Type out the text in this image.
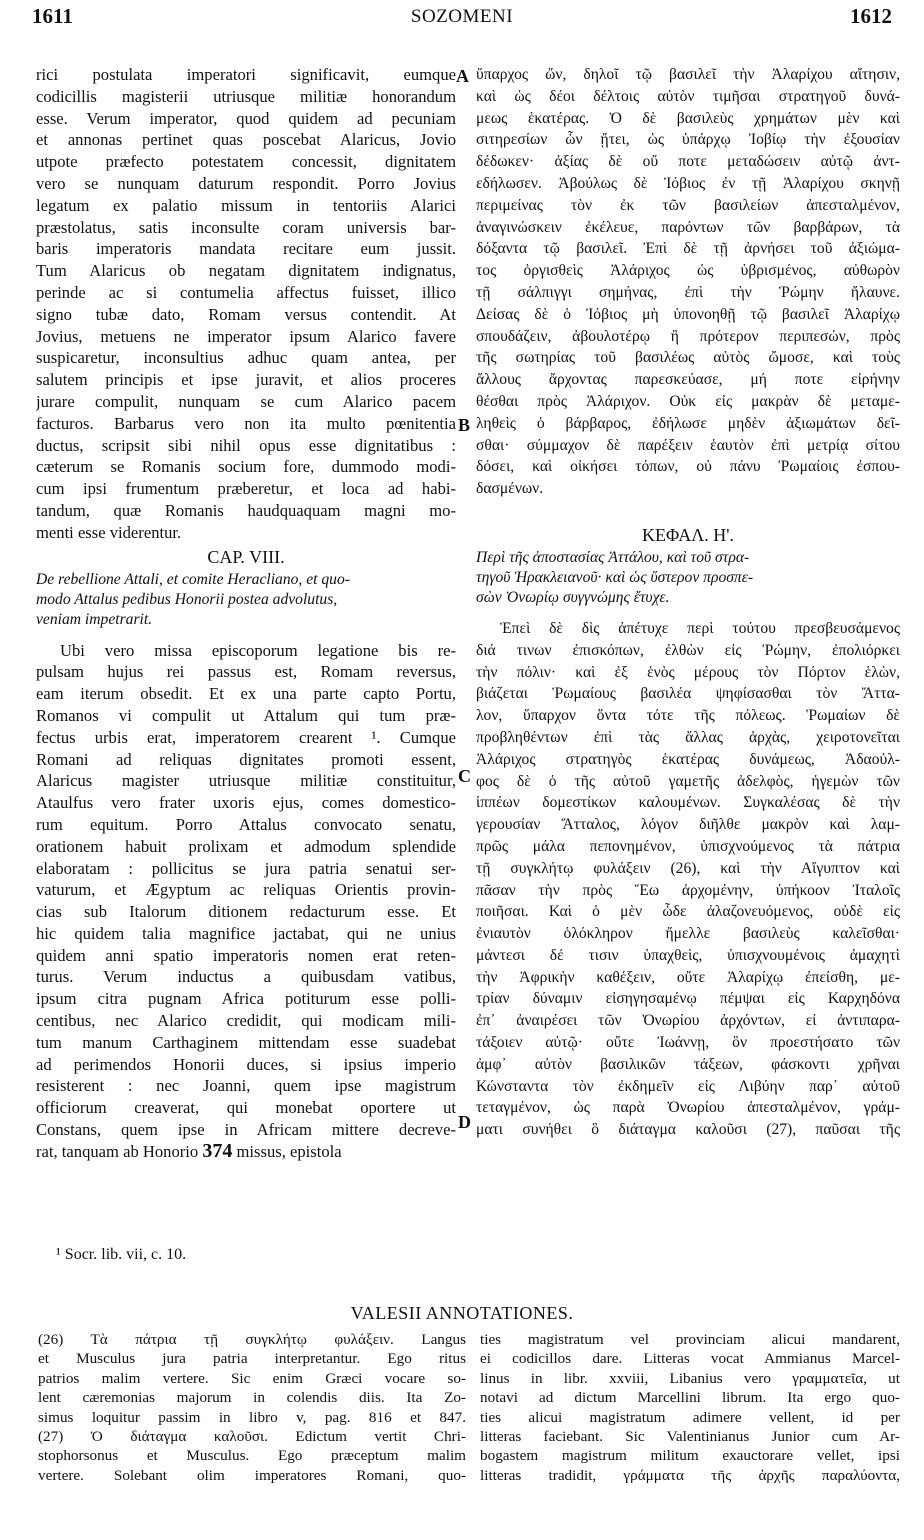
1611	SOZOMENI	1612
rici postulata imperatori significavit, eumque
codicillis magisterii utriusque militiæ honorandum
esse. Verum imperator, quod quidem ad pecuniam
et annonas pertinet quas poscebat Alaricus, Jovio
utpote præfecto potestatem concessit, dignitatem
vero se nunquam daturum respondit. Porro Jovius
legatum ex palatio missum in tentoriis Alarici
præstolatus, satis inconsulte coram universis bar-
baris imperatoris mandata recitare eum jussit.
Tum Alaricus ob negatam dignitatem indignatus,
perinde ac si contumelia affectus fuisset, illico
signo tubæ dato, Romam versus contendit. At
Jovius, metuens ne imperator ipsum Alarico favere
suspicaretur, inconsultius adhuc quam antea, per
salutem principis et ipse juravit, et alios proceres
jurare compulit, nunquam se cum Alarico pacem
facturos. Barbarus vero non ita multo pœnitentia
ductus, scripsit sibi nihil opus esse dignitatibus :
cæterum se Romanis socium fore, dummodo modi-
cum ipsi frumentum præberetur, et loca ad habi-
tandum, quæ Romanis haudquaquam magni mo-
menti esse viderentur.
CAP. VIII.
De rebellione Attali, et comite Heracliano, et quo-
modo Attalus pedibus Honorii postea advolutus,
veniam impetrarit.
Ubi vero missa episcoporum legatione bis re-
pulsam hujus rei passus est, Romam reversus,
eam iterum obsedit. Et ex una parte capto Portu,
Romanos vi compulit ut Attalum qui tum præ-
fectus urbis erat, imperatorem crearent ¹. Cumque
Romani ad reliquas dignitates promoti essent,
Alaricus magister utriusque militiæ constituitur,
Ataulfus vero frater uxoris ejus, comes domestico-
rum equitum. Porro Attalus convocato senatu,
orationem habuit prolixam et admodum splendide
elaboratam : pollicitus se jura patria senatui ser-
vaturum, et Ægyptum ac reliquas Orientis provin-
cias sub Italorum ditionem redacturum esse. Et
hic quidem talia magnifice jactabat, qui ne unius
quidem anni spatio imperatoris nomen erat reten-
turus. Verum inductus a quibusdam vatibus,
ipsum citra pugnam Africa potiturum esse polli-
centibus, nec Alarico credidit, qui modicam mili-
tum manum Carthaginem mittendam esse suadebat
ad perimendos Honorii duces, si ipsius imperio
resisterent : nec Joanni, quem ipse magistrum
officiorum creaverat, qui monebat oportere ut
Constans, quem ipse in Africam mittere decreve-
rat, tanquam ab Honorio 374 missus, epistola
ὕπαρχος ὤν, δηλοῖ τῷ βασιλεῖ τὴν Ἀλαρίχου αἴτησιν,
καὶ ὡς δέοι δέλτοις αὐτὸν τιμῆσαι στρατηγοῦ δυνά-
μεως ἑκατέρας. Ὁ δὲ βασιλεὺς χρημάτων μὲν καὶ
σιτηρεσίων ὧν ᾔτει, ὡς ὑπάρχῳ Ἰοβίῳ τὴν ἐξουσίαν
δέδωκεν· ἀξίας δὲ οὔ ποτε μεταδώσειν αὐτῷ ἀντ-
εδήλωσεν. Ἀβούλως δὲ Ἰόβιος ἐν τῇ Ἀλαρίχου σκηνῇ
περιμείνας τὸν ἐκ τῶν βασιλείων ἀπεσταλμένον,
ἀναγινώσκειν ἐκέλευε, παρόντων τῶν βαρβάρων, τὰ
δόξαντα τῷ βασιλεῖ. Ἐπὶ δὲ τῇ ἀρνήσει τοῦ ἀξιώμα-
τος ὀργισθεὶς Ἀλάριχος ὡς ὑβρισμένος, αὐθωρὸν
τῇ σάλπιγγι σημήνας, ἐπὶ τὴν Ῥώμην ἤλαυνε.
Δείσας δὲ ὁ Ἰόβιος μὴ ὑπονοηθῇ τῷ βασιλεῖ Ἀλαρίχῳ
σπουδάζειν, ἀβουλοτέρῳ ἢ πρότερον περιπεσών, πρὸς
τῆς σωτηρίας τοῦ βασιλέως αὐτὸς ὤμοσε, καὶ τοὺς
ἄλλους ἄρχοντας παρεσκεύασε, μή ποτε εἰρήνην
θέσθαι πρὸς Ἀλάριχον. Οὐκ εἰς μακρὰν δὲ μεταμε-
ληθεὶς ὁ βάρβαρος, ἐδήλωσε μηδὲν ἀξιωμάτων δεῖ-
σθαι· σύμμαχον δὲ παρέξειν ἑαυτὸν ἐπὶ μετρίᾳ σίτου
δόσει, καὶ οἰκήσει τόπων, οὐ πάνυ Ῥωμαίοις ἐσπου-
δασμένων.
ΚΕΦΑΛ. Η'.
Περὶ τῆς ἀποστασίας Ἀττάλου, καὶ τοῦ στρα-
τηγοῦ Ἡρακλειανοῦ· καὶ ὡς ὕστερον προσπε-
σὼν Ὀνωρίῳ συγγνώμης ἔτυχε.
Ἐπεὶ δὲ δὶς ἀπέτυχε περὶ τούτου πρεσβευσάμενος
διά τινων ἐπισκόπων, ἐλθὼν εἰς Ῥώμην, ἐπολιόρκει
τὴν πόλιν· καὶ ἐξ ἑνὸς μέρους τὸν Πόρτον ἑλὼν,
βιάζεται Ῥωμαίους βασιλέα ψηφίσασθαι τὸν Ἄττα-
λον, ὕπαρχον ὄντα τότε τῆς πόλεως. Ῥωμαίων δὲ
προβληθέντων ἐπὶ τὰς ἄλλας ἀρχὰς, χειροτονεῖται
Ἀλάριχος στρατηγὸς ἑκατέρας δυνάμεως, Ἀδαοὐλ-
φος δὲ ὁ τῆς αὐτοῦ γαμετῆς ἀδελφὸς, ἡγεμὼν τῶν
ἱππέων δομεστίκων καλουμένων. Συγκαλέσας δὲ τὴν
γερουσίαν Ἄτταλος, λόγον διῆλθε μακρὸν καὶ λαμ-
πρῶς μάλα πεπονημένον, ὑπισχνούμενος τὰ πάτρια
τῇ συγκλήτῳ φυλάξειν (26), καὶ τὴν Αἴγυπτον καὶ
πᾶσαν τὴν πρὸς Ἕω ἀρχομένην, ὑπήκοον Ἰταλοῖς
ποιῆσαι. Καὶ ὁ μὲν ὧδε ἀλαζονευόμενος, οὐδὲ εἰς
ἐνιαυτὸν ὁλόκληρον ἤμελλε βασιλεὺς καλεῖσθαι·
μάντεσι δέ τισιν ὑπαχθεὶς, ὑπισχνουμένοις ἀμαχητὶ
τὴν Ἀφρικὴν καθέξειν, οὔτε Ἀλαρίχῳ ἐπείσθη, με-
τρίαν δύναμιν εἰσηγησαμένῳ πέμψαι εἰς Καρχηδόνα
ἐπ᾽ ἀναιρέσει τῶν Ὀνωρίου ἀρχόντων, εἰ ἀντιπαρα-
τάξοιεν αὐτῷ· οὔτε Ἰωάννῃ, ὃν προεστήσατο τῶν
ἀμφ᾽ αὐτὸν βασιλικῶν τάξεων, φάσκοντι χρῆναι
Κώνσταντα τὸν ἐκδημεῖν εἰς Λιβύην παρ᾽ αὐτοῦ
τεταγμένον, ὡς παρὰ Ὀνωρίου ἀπεσταλμένον, γράμ-
ματι συνήθει ὃ διάταγμα καλοῦσι (27), παῦσαι τῆς
A
B
C
D
¹ Socr. lib. vii, c. 10.
VALESII ANNOTATIONES.
(26) Τὰ πάτρια τῇ συγκλήτῳ φυλάξειν. Langus
et Musculus jura patria interpretantur. Ego ritus
patrios malim vertere. Sic enim Græci vocare so-
lent cæremonias majorum in colendis diis. Ita Zo-
simus loquitur passim in libro v, pag. 816 et 847.
(27) Ὁ διάταγμα καλοῦσι. Edictum vertit Chri-
stophorsonus et Musculus. Ego præceptum malim
vertere. Solebant olim imperatores Romani, quo-
ties magistratum vel provinciam alicui mandarent,
ei codicillos dare. Litteras vocat Ammianus Marcel-
linus in libr. xxviii, Libanius vero γραμματεῖα, ut
notavi ad dictum Marcellini librum. Ita ergo quo-
ties alicui magistratum adimere vellent, id per
litteras faciebant. Sic Valentinianus Junior cum Ar-
bogastem magistrum militum exauctorare vellet, ipsi
litteras tradidit, γράμματα τῆς ἀρχῆς παραλύοντα,
